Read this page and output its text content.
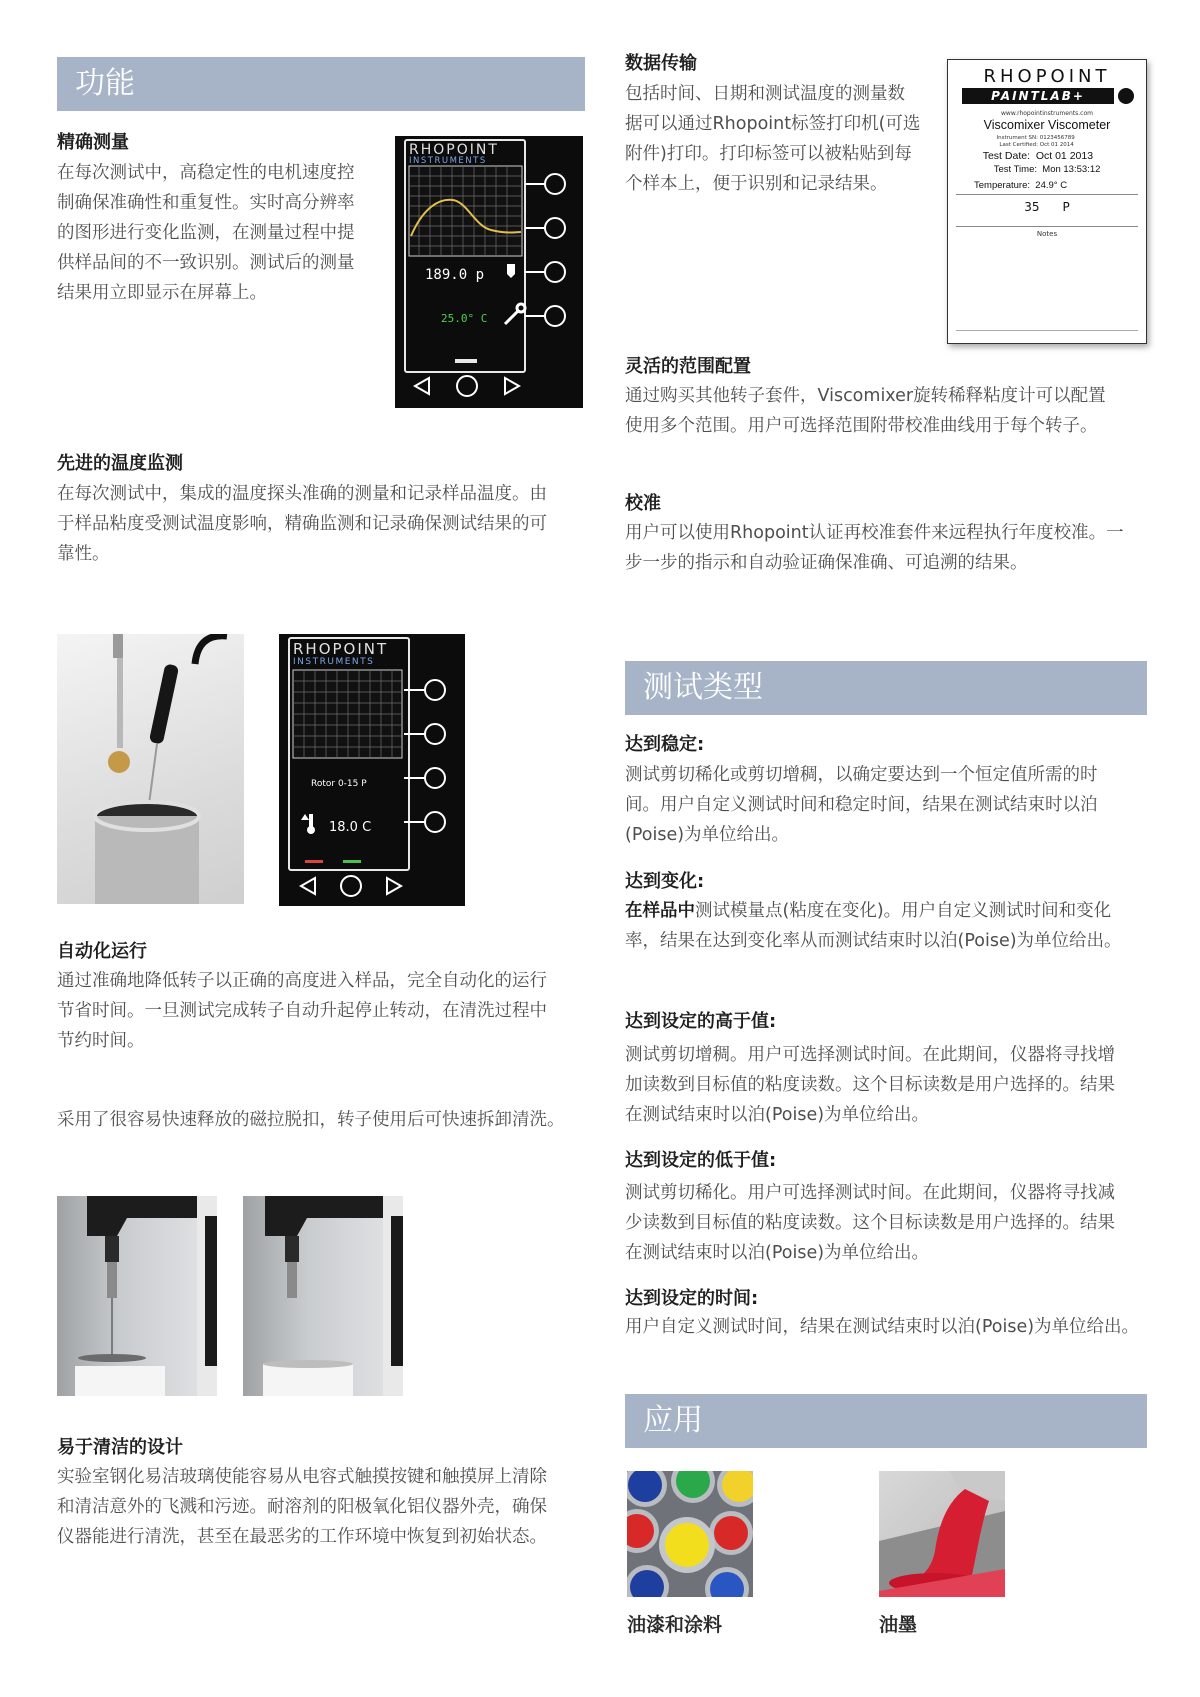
功能
精确测量
在每次测试中，高稳定性的电机速度控
制确保准确性和重复性。实时高分辨率
的图形进行变化监测，在测量过程中提
供样品间的不一致识别。测试后的测量
结果用立即显示在屏幕上。
RHOPOINT
INSTRUMENTS
189.0 p
25.0° C
先进的温度监测
在每次测试中，集成的温度探头准确的测量和记录样品温度。由
于样品粘度受测试温度影响，精确监测和记录确保测试结果的可
靠性。
RHOPOINT
INSTRUMENTS
Rotor 0-15 P
18.0 C
自动化运行
通过准确地降低转子以正确的高度进入样品，完全自动化的运行
节省时间。一旦测试完成转子自动升起停止转动，在清洗过程中
节约时间。
采用了很容易快速释放的磁拉脱扣，转子使用后可快速拆卸清洗。
易于清洁的设计
实验室钢化易洁玻璃使能容易从电容式触摸按键和触摸屏上清除
和清洁意外的飞溅和污迹。耐溶剂的阳极氧化铝仪器外壳，确保
仪器能进行清洗，甚至在最恶劣的工作环境中恢复到初始状态。
数据传输
包括时间、日期和测试温度的测量数
据可以通过Rhopoint标签打印机(可选
附件)打印。打印标签可以被粘贴到每
个样本上，便于识别和记录结果。
RHOPOINT
PAINTLAB+
www.rhopointinstruments.com
Viscomixer Viscometer
Instrument SN: 0123456789
Last Certified: Oct 01 2014
Test Date: Oct 01 2013
Test Time: Mon 13:53:12
Temperature: 24.9° C
35 P
Notes
灵活的范围配置
通过购买其他转子套件，Viscomixer旋转稀释粘度计可以配置
使用多个范围。用户可选择范围附带校准曲线用于每个转子。
校准
用户可以使用Rhopoint认证再校准套件来远程执行年度校准。一
步一步的指示和自动验证确保准确、可追溯的结果。
测试类型
达到稳定:
测试剪切稀化或剪切增稠，以确定要达到一个恒定值所需的时
间。用户自定义测试时间和稳定时间，结果在测试结束时以泊
(Poise)为单位给出。
达到变化:
在样品中测试模量点(粘度在变化)。用户自定义测试时间和变化
率，结果在达到变化率从而测试结束时以泊(Poise)为单位给出。
达到设定的高于值:
测试剪切增稠。用户可选择测试时间。在此期间，仪器将寻找增
加读数到目标值的粘度读数。这个目标读数是用户选择的。结果
在测试结束时以泊(Poise)为单位给出。
达到设定的低于值:
测试剪切稀化。用户可选择测试时间。在此期间，仪器将寻找减
少读数到目标值的粘度读数。这个目标读数是用户选择的。结果
在测试结束时以泊(Poise)为单位给出。
达到设定的时间:
用户自定义测试时间，结果在测试结束时以泊(Poise)为单位给出。
应用
油漆和涂料	油墨
